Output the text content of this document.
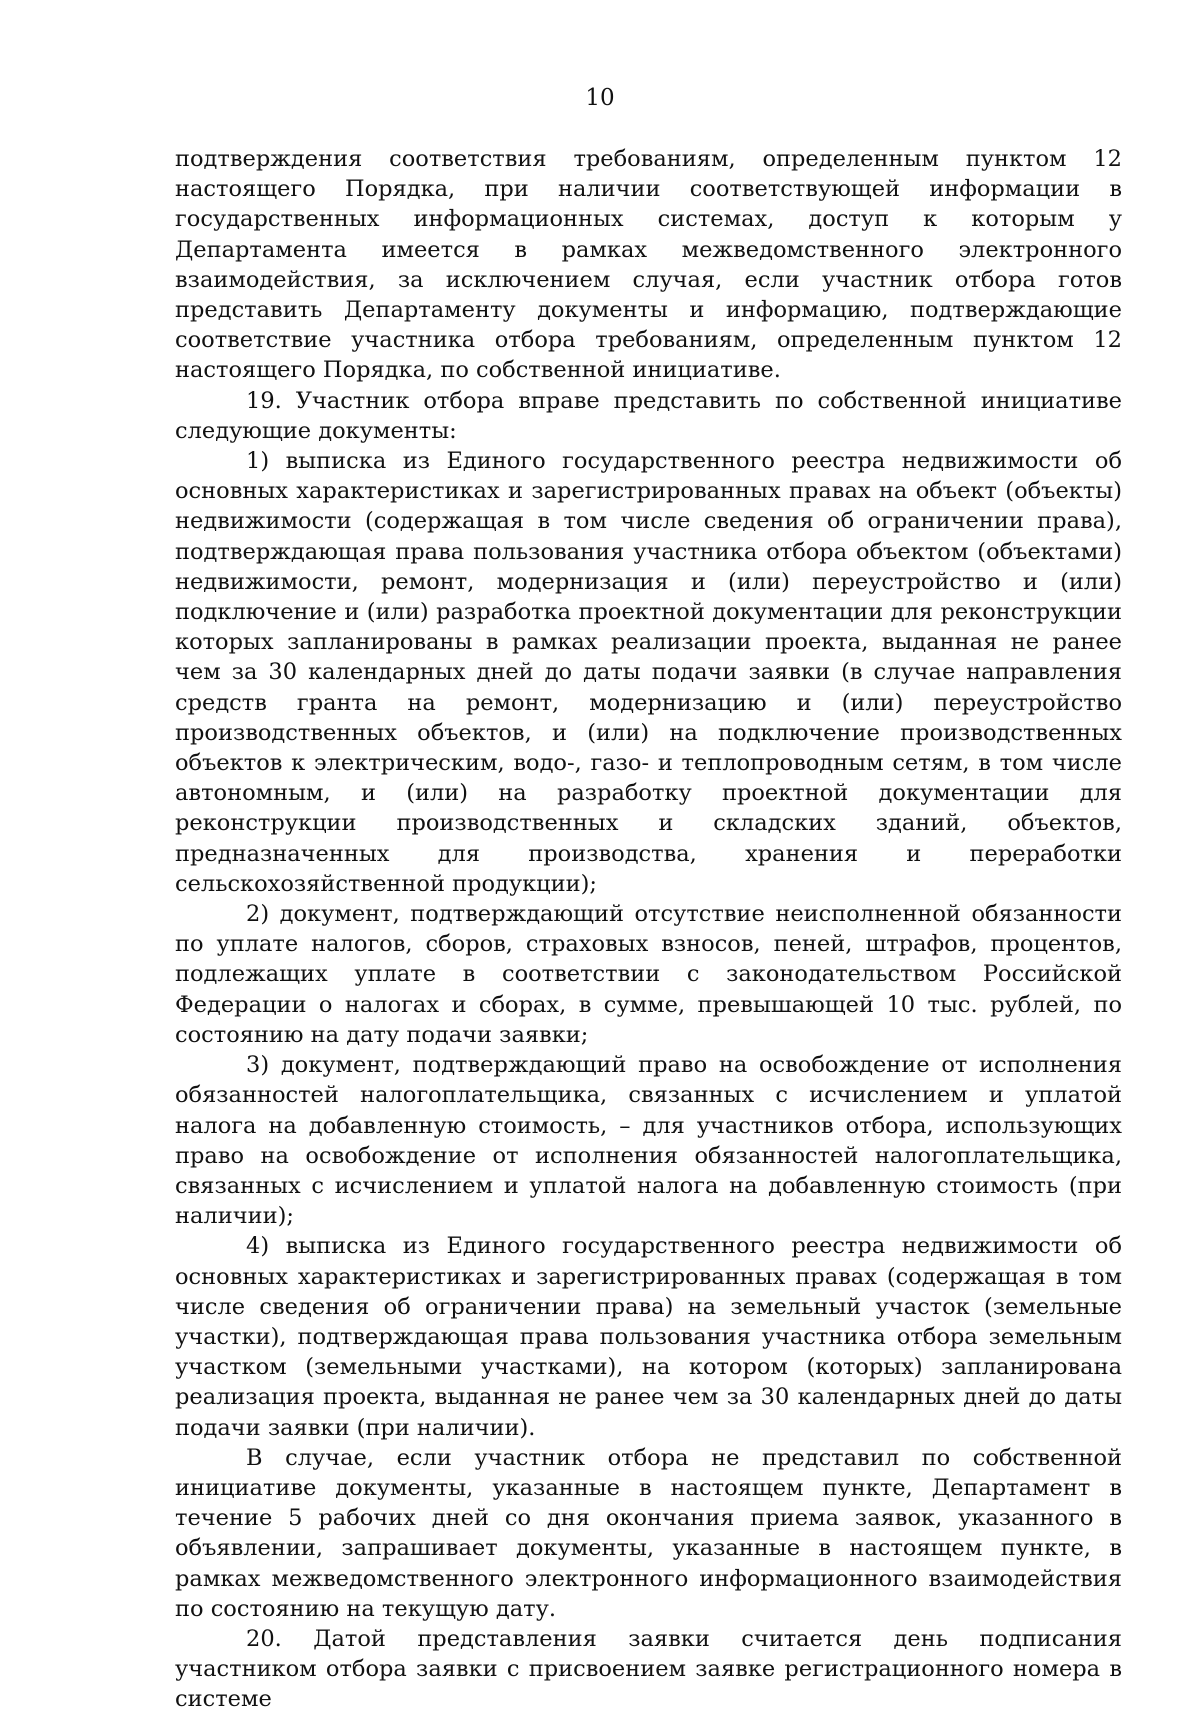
10

подтверждения соответствия требованиям, определенным пунктом 12 настоящего Порядка, при наличии соответствующей информации в государственных информационных системах, доступ к которым у Департамента имеется в рамках межведомственного электронного взаимодействия, за исключением случая, если участник отбора готов представить Департаменту документы и информацию, подтверждающие соответствие участника отбора требованиям, определенным пунктом 12 настоящего Порядка, по собственной инициативе.

19. Участник отбора вправе представить по собственной инициативе следующие документы:

1) выписка из Единого государственного реестра недвижимости об основных характеристиках и зарегистрированных правах на объект (объекты) недвижимости (содержащая в том числе сведения об ограничении права), подтверждающая права пользования участника отбора объектом (объектами) недвижимости, ремонт, модернизация и (или) переустройство и (или) подключение и (или) разработка проектной документации для реконструкции которых запланированы в рамках реализации проекта, выданная не ранее чем за 30 календарных дней до даты подачи заявки (в случае направления средств гранта на ремонт, модернизацию и (или) переустройство производственных объектов, и (или) на подключение производственных объектов к электрическим, водо-, газо- и теплопроводным сетям, в том числе автономным, и (или) на разработку проектной документации для реконструкции производственных и складских зданий, объектов, предназначенных для производства, хранения и переработки сельскохозяйственной продукции);

2) документ, подтверждающий отсутствие неисполненной обязанности по уплате налогов, сборов, страховых взносов, пеней, штрафов, процентов, подлежащих уплате в соответствии с законодательством Российской Федерации о налогах и сборах, в сумме, превышающей 10 тыс. рублей, по состоянию на дату подачи заявки;

3) документ, подтверждающий право на освобождение от исполнения обязанностей налогоплательщика, связанных с исчислением и уплатой налога на добавленную стоимость, – для участников отбора, использующих право на освобождение от исполнения обязанностей налогоплательщика, связанных с исчислением и уплатой налога на добавленную стоимость (при наличии);

4) выписка из Единого государственного реестра недвижимости об основных характеристиках и зарегистрированных правах (содержащая в том числе сведения об ограничении права) на земельный участок (земельные участки), подтверждающая права пользования участника отбора земельным участком (земельными участками), на котором (которых) запланирована реализация проекта, выданная не ранее чем за 30 календарных дней до даты подачи заявки (при наличии).

В случае, если участник отбора не представил по собственной инициативе документы, указанные в настоящем пункте, Департамент в течение 5 рабочих дней со дня окончания приема заявок, указанного в объявлении, запрашивает документы, указанные в настоящем пункте, в рамках межведомственного электронного информационного взаимодействия по состоянию на текущую дату.

20. Датой представления заявки считается день подписания участником отбора заявки с присвоением заявке регистрационного номера в системе
